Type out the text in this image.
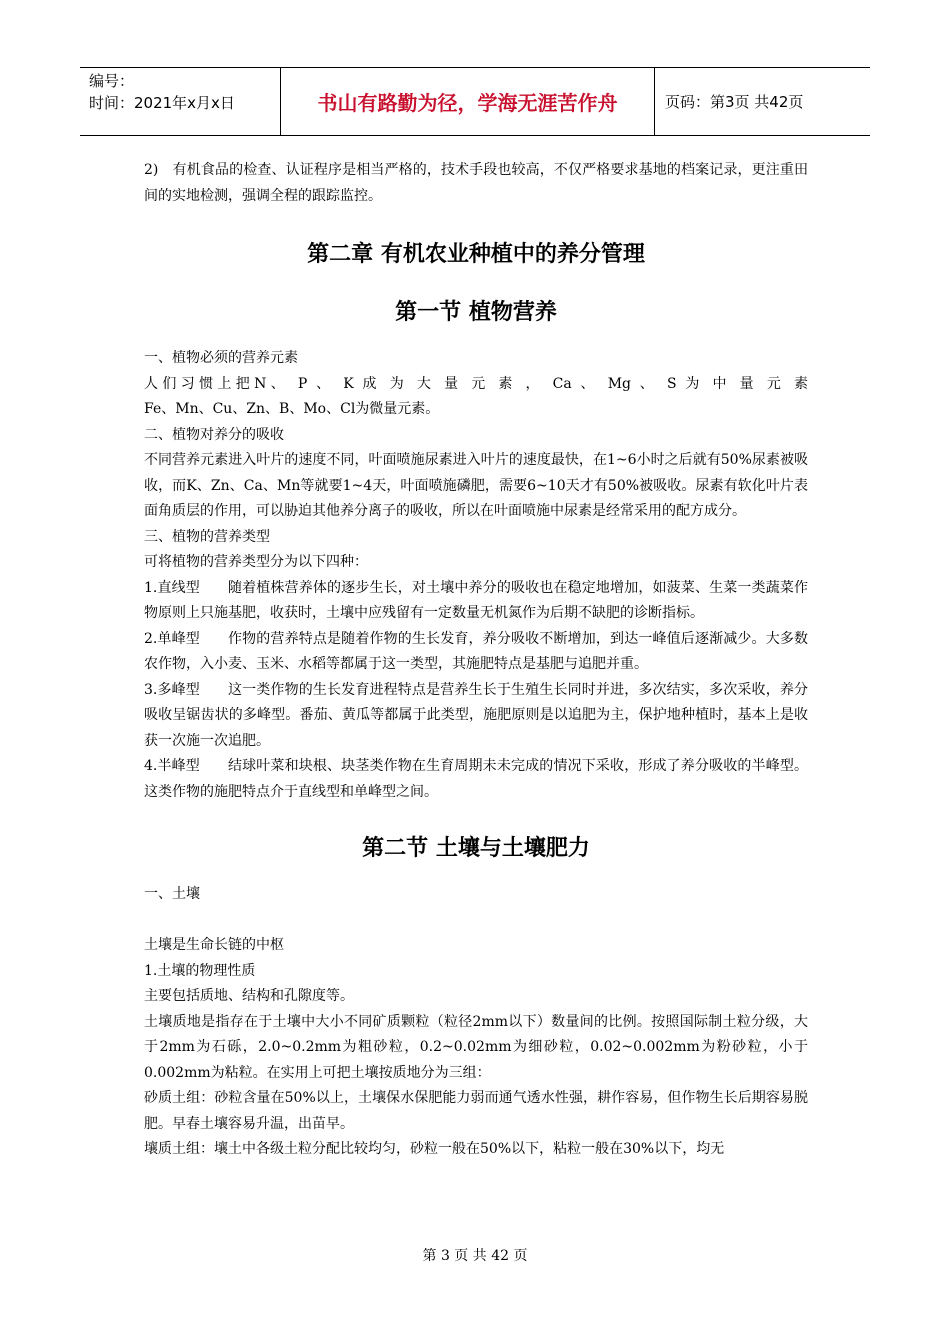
编号：
时间：2021年x月x日	书山有路勤为径，学海无涯苦作舟	页码：第3页 共42页

2)　有机食品的检查、认证程序是相当严格的，技术手段也较高，不仅严格要求基地的档案记录，更注重田间的实地检测，强调全程的跟踪监控。

第二章 有机农业种植中的养分管理
第一节 植物营养

一、植物必须的营养元素

人们习惯上把N、 P 、 K 成 为 大 量 元 素 ， Ca 、 Mg 、 S 为 中 量 元 素

Fe、Mn、Cu、Zn、B、Mo、Cl为微量元素。

二、植物对养分的吸收

不同营养元素进入叶片的速度不同，叶面喷施尿素进入叶片的速度最快，在1~6小时之后就有50%尿素被吸收，而K、Zn、Ca、Mn等就要1~4天，叶面喷施磷肥，需要6~10天才有50%被吸收。尿素有软化叶片表面角质层的作用，可以胁迫其他养分离子的吸收，所以在叶面喷施中尿素是经常采用的配方成分。

三、植物的营养类型

可将植物的营养类型分为以下四种：

1.直线型 随着植株营养体的逐步生长，对土壤中养分的吸收也在稳定地增加，如菠菜、生菜一类蔬菜作物原则上只施基肥，收获时，土壤中应残留有一定数量无机氮作为后期不缺肥的诊断指标。

2.单峰型 作物的营养特点是随着作物的生长发育，养分吸收不断增加，到达一峰值后逐渐减少。大多数农作物，入小麦、玉米、水稻等都属于这一类型，其施肥特点是基肥与追肥并重。

3.多峰型 这一类作物的生长发育进程特点是营养生长于生殖生长同时并进，多次结实，多次采收，养分吸收呈锯齿状的多峰型。番茄、黄瓜等都属于此类型，施肥原则是以追肥为主，保护地种植时，基本上是收获一次施一次追肥。

4.半峰型 结球叶菜和块根、块茎类作物在生育周期未未完成的情况下采收，形成了养分吸收的半峰型。这类作物的施肥特点介于直线型和单峰型之间。

第二节 土壤与土壤肥力

一、土壤

土壤是生命长链的中枢

1.土壤的物理性质

主要包括质地、结构和孔隙度等。

土壤质地是指存在于土壤中大小不同矿质颗粒（粒径2mm以下）数量间的比例。按照国际制土粒分级，大于2mm为石砾，2.0~0.2mm为粗砂粒，0.2~0.02mm为细砂粒，0.02~0.002mm为粉砂粒，小于0.002mm为粘粒。在实用上可把土壤按质地分为三组：

砂质土组：砂粒含量在50%以上，土壤保水保肥能力弱而通气透水性强，耕作容易，但作物生长后期容易脱肥。早春土壤容易升温，出苗早。

壤质土组：壤土中各级土粒分配比较均匀，砂粒一般在50%以下，粘粒一般在30%以下，均无

第 3 页 共 42 页
